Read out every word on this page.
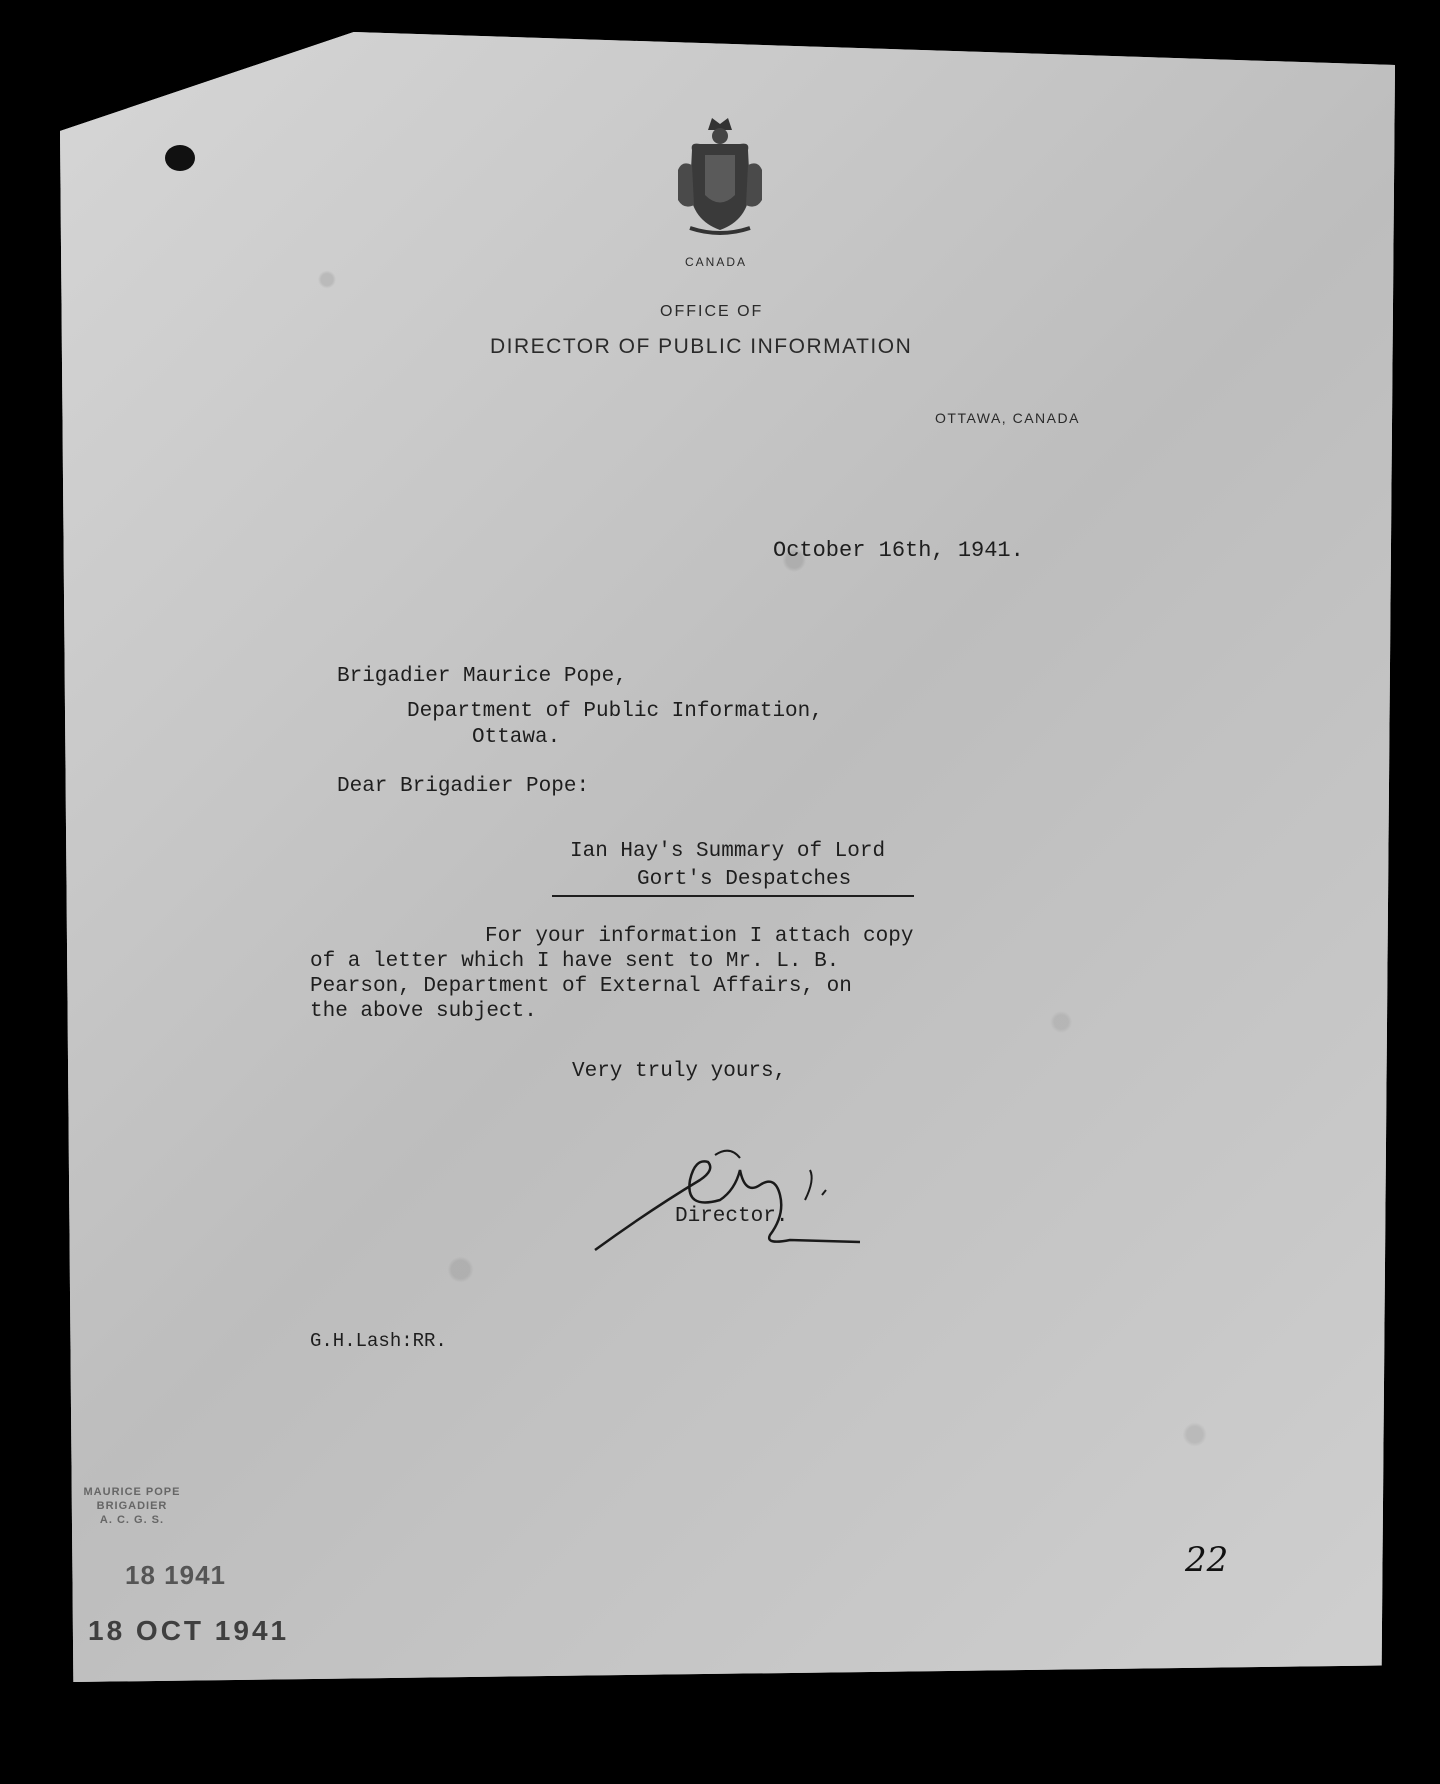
CANADA
OFFICE OF
DIRECTOR OF PUBLIC INFORMATION
OTTAWA, CANADA
October 16th, 1941.
Brigadier Maurice Pope,
Department of Public Information,
Ottawa.
Dear Brigadier Pope:
Ian Hay's Summary of Lord
Gort's Despatches
For your information I attach copy
of a letter which I have sent to Mr. L. B.
Pearson, Department of External Affairs, on
the above subject.
Very truly yours,
Director.
G.H.Lash:RR.
MAURICE POPE
BRIGADIER
A. C. G. S.
18 1941
18 OCT 1941
22
